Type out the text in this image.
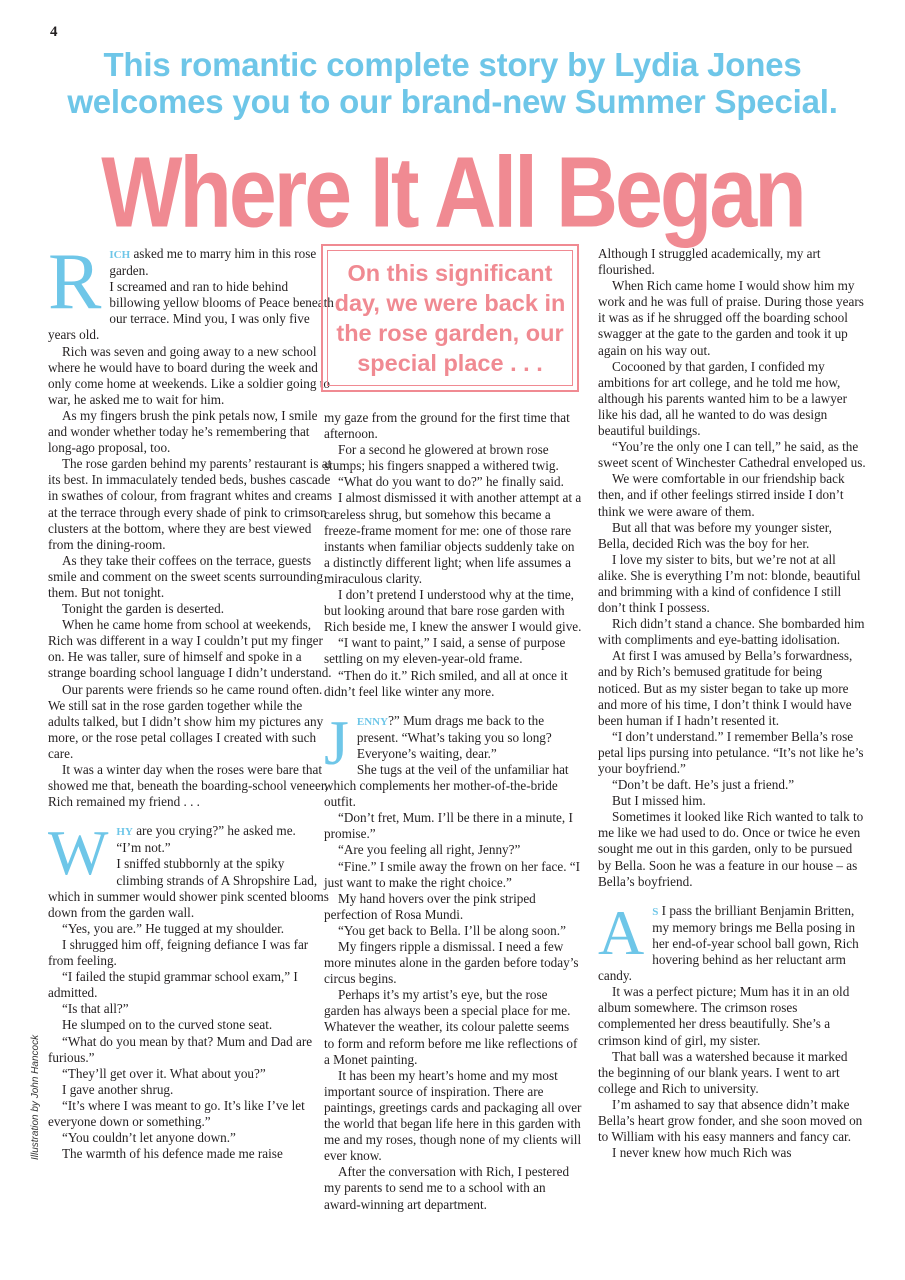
4
This romantic complete story by Lydia Jones
welcomes you to our brand-new Summer Special.
Where It All Began

RICH asked me to marry him in this rose garden.

I screamed and ran to hide behind billowing yellow blooms of Peace beneath our terrace. Mind you, I was only five years old.

Rich was seven and going away to a new school where he would have to board during the week and only come home at weekends. Like a soldier going to war, he asked me to wait for him.

As my fingers brush the pink petals now, I smile and wonder whether today he’s remembering that long-ago proposal, too.

The rose garden behind my parents’ restaurant is at its best. In immaculately tended beds, bushes cascade in swathes of colour, from fragrant whites and creams at the terrace through every shade of pink to crimson clusters at the bottom, where they are best viewed from the dining-room.

As they take their coffees on the terrace, guests smile and comment on the sweet scents surrounding them. But not tonight.

Tonight the garden is deserted.

When he came home from school at weekends, Rich was different in a way I couldn’t put my finger on. He was taller, sure of himself and spoke in a strange boarding school language I didn’t understand.

Our parents were friends so he came round often. We still sat in the rose garden together while the adults talked, but I didn’t show him my pictures any more, or the rose petal collages I created with such care.

It was a winter day when the roses were bare that showed me that, beneath the boarding-school veneer, Rich remained my friend . . .

WHY are you crying?” he asked me.

“I’m not.”

I sniffed stubbornly at the spiky climbing strands of A Shropshire Lad, which in summer would shower pink scented blooms down from the garden wall.

“Yes, you are.” He tugged at my shoulder.

I shrugged him off, feigning defiance I was far from feeling.

“I failed the stupid grammar school exam,” I admitted.

“Is that all?”

He slumped on to the curved stone seat.

“What do you mean by that? Mum and Dad are furious.”

“They’ll get over it. What about you?”

I gave another shrug.

“It’s where I was meant to go. It’s like I’ve let everyone down or something.”

“You couldn’t let anyone down.”

The warmth of his defence made me raise

On this significant
day, we were back in
the rose garden, our
special place . . .

my gaze from the ground for the first time that afternoon.

For a second he glowered at brown rose stumps; his fingers snapped a withered twig.

“What do you want to do?” he finally said.

I almost dismissed it with another attempt at a careless shrug, but somehow this became a freeze-frame moment for me: one of those rare instants when familiar objects suddenly take on a distinctly different light; when life assumes a miraculous clarity.

I don’t pretend I understood why at the time, but looking around that bare rose garden with Rich beside me, I knew the answer I would give.

“I want to paint,” I said, a sense of purpose settling on my eleven-year-old frame.

“Then do it.” Rich smiled, and all at once it didn’t feel like winter any more.

JENNY?” Mum drags me back to the present. “What’s taking you so long? Everyone’s waiting, dear.”

She tugs at the veil of the unfamiliar hat which complements her mother-of-the-bride outfit.

“Don’t fret, Mum. I’ll be there in a minute, I promise.”

“Are you feeling all right, Jenny?”

“Fine.” I smile away the frown on her face. “I just want to make the right choice.”

My hand hovers over the pink striped perfection of Rosa Mundi.

“You get back to Bella. I’ll be along soon.”

My fingers ripple a dismissal. I need a few more minutes alone in the garden before today’s circus begins.

Perhaps it’s my artist’s eye, but the rose garden has always been a special place for me. Whatever the weather, its colour palette seems to form and reform before me like reflections of a Monet painting.

It has been my heart’s home and my most important source of inspiration. There are paintings, greetings cards and packaging all over the world that began life here in this garden with me and my roses, though none of my clients will ever know.

After the conversation with Rich, I pestered my parents to send me to a school with an award-winning art department.

Although I struggled academically, my art flourished.

When Rich came home I would show him my work and he was full of praise. During those years it was as if he shrugged off the boarding school swagger at the gate to the garden and took it up again on his way out.

Cocooned by that garden, I confided my ambitions for art college, and he told me how, although his parents wanted him to be a lawyer like his dad, all he wanted to do was design beautiful buildings.

“You’re the only one I can tell,” he said, as the sweet scent of Winchester Cathedral enveloped us.

We were comfortable in our friendship back then, and if other feelings stirred inside I don’t think we were aware of them.

But all that was before my younger sister, Bella, decided Rich was the boy for her.

I love my sister to bits, but we’re not at all alike. She is everything I’m not: blonde, beautiful and brimming with a kind of confidence I still don’t think I possess.

Rich didn’t stand a chance. She bombarded him with compliments and eye-batting idolisation.

At first I was amused by Bella’s forwardness, and by Rich’s bemused gratitude for being noticed. But as my sister began to take up more and more of his time, I don’t think I would have been human if I hadn’t resented it.

“I don’t understand.” I remember Bella’s rose petal lips pursing into petulance. “It’s not like he’s your boyfriend.”

“Don’t be daft. He’s just a friend.”

But I missed him.

Sometimes it looked like Rich wanted to talk to me like we had used to do. Once or twice he even sought me out in this garden, only to be pursued by Bella. Soon he was a feature in our house – as Bella’s boyfriend.

A S I pass the brilliant Benjamin Britten, my memory brings me Bella posing in her end-of-year school ball gown, Rich hovering behind as her reluctant arm candy.

It was a perfect picture; Mum has it in an old album somewhere. The crimson roses complemented her dress beautifully. She’s a crimson kind of girl, my sister.

That ball was a watershed because it marked the beginning of our blank years. I went to art college and Rich to university.

I’m ashamed to say that absence didn’t make Bella’s heart grow fonder, and she soon moved on to William with his easy manners and fancy car.

I never knew how much Rich was

Illustration by John Hancock
